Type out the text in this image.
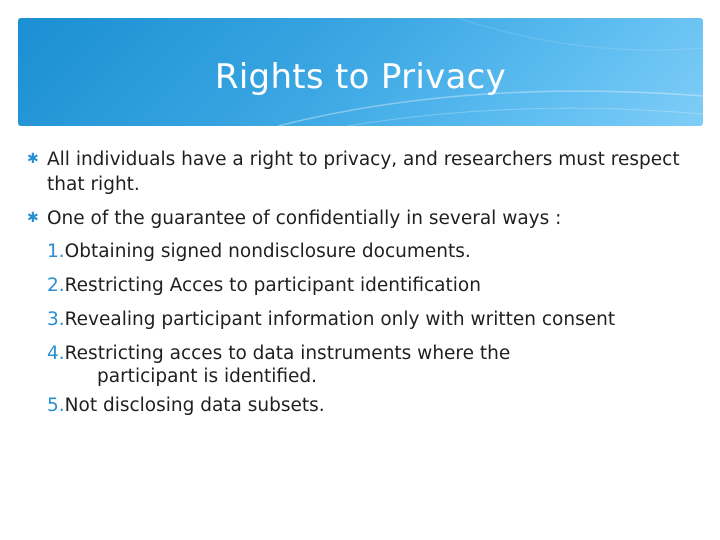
Rights to Privacy
✱ All individuals have a right to privacy, and researchers must respect that right.
✱ One of the guarantee of confidentially in several ways :
1.Obtaining signed nondisclosure documents.
2.Restricting Acces to participant identification
3.Revealing participant information only with written consent
4.Restricting acces to data instruments where the
participant is identified.
5.Not disclosing data subsets.
